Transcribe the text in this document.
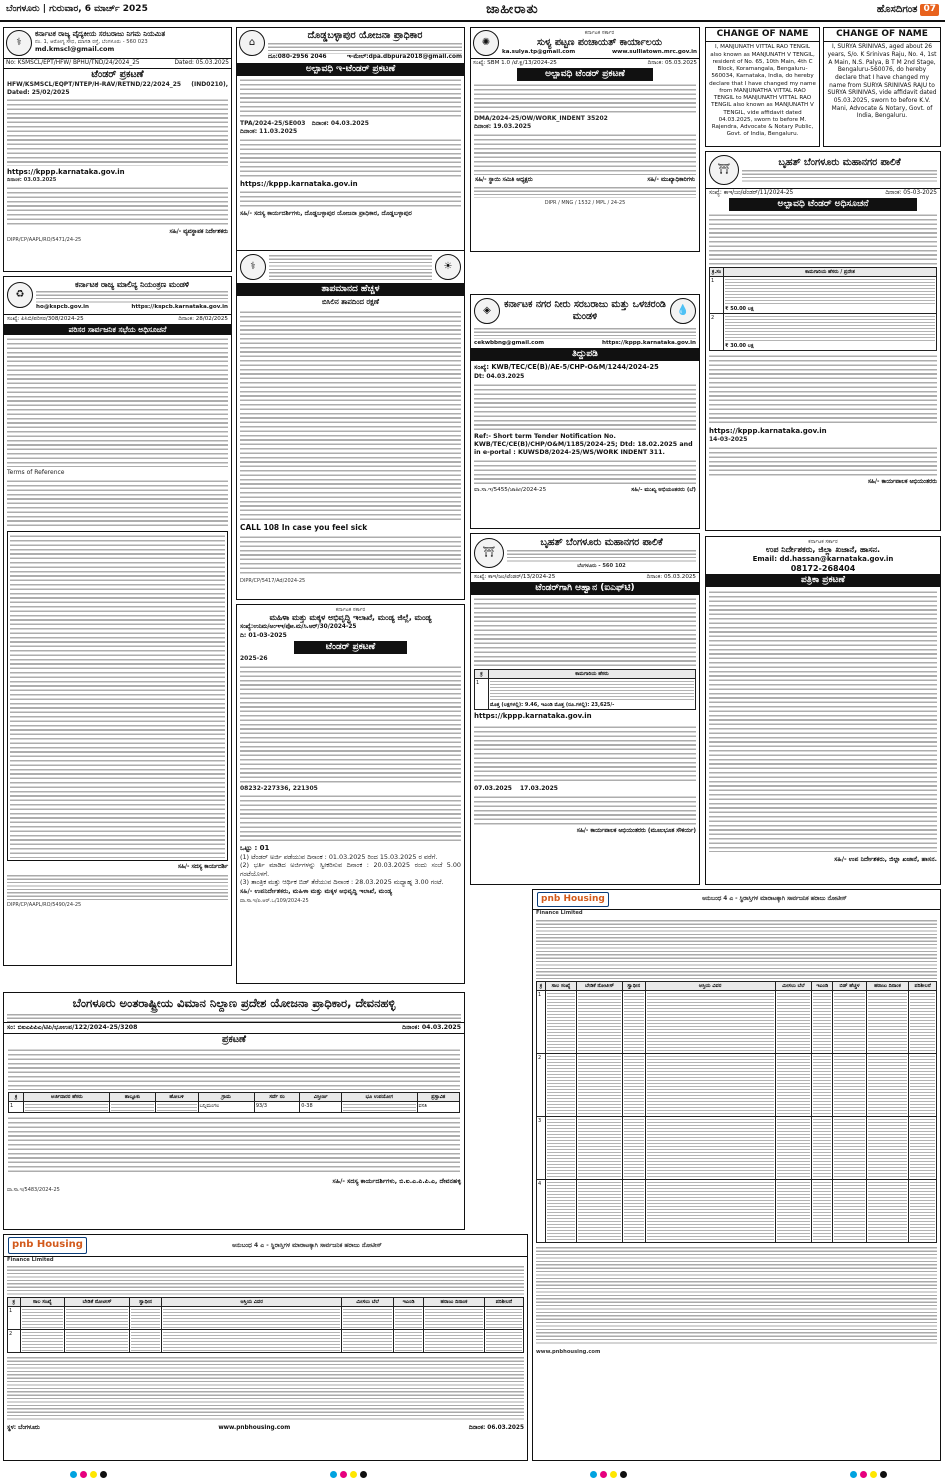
ಬೆಂಗಳೂರು | ಗುರುವಾರ, 6 ಮಾರ್ಚ್ 2025	ಜಾಹೀರಾತು	ಹೊಸದಿಗಂತ 07
⚕
ಕರ್ನಾಟಕ ರಾಜ್ಯ ವೈದ್ಯಕೀಯ ಸರಬರಾಜು ನಿಗಮ ನಿಯಮಿತ
ನಂ. 1, ಆರೋಗ್ಯ ಸೌಧ, ಮಾಗಡಿ ರಸ್ತೆ, ಬೆಂಗಳೂರು - 560 023
md.kmscl@gmail.com
No: KSMSCL/EPT/HFW/ BPHU/TND/24/2024_25	Dated: 05.03.2025
ಟೆಂಡರ್ ಪ್ರಕಟಣೆ
HFW/KSMSCL/EQPT/NTEP/H-RAV/RETND/22/2024_25 (IND0210), Dated: 25/02/2025
https://kppp.karnataka.gov.in
ದಿನಾಂಕ: 03.03.2025
ಸಹಿ/- ವ್ಯವಸ್ಥಾಪಕ ನಿರ್ದೇಶಕರು
DIPR/CP/AAPL/RO/5471/24-25
⌂
ದೊಡ್ಡಬಳ್ಳಾಪುರ ಯೋಜನಾ ಪ್ರಾಧಿಕಾರ
ದೂ:080-2956 2046	ಇ-ಮೇಲ್:dpa.dbpura2018@gmail.com
ಅಲ್ಪಾವಧಿ ಇ-ಟೆಂಡರ್ ಪ್ರಕಟಣೆ
TPA/2024-25/SE003 ದಿನಾಂಕ: 04.03.2025
ದಿನಾಂಕ: 11.03.2025
https://kppp.karnataka.gov.in
ಸಹಿ/- ಸದಸ್ಯ ಕಾರ್ಯದರ್ಶಿಗಳು, ದೊಡ್ಡಬಳ್ಳಾಪುರ ಯೋಜನಾ ಪ್ರಾಧಿಕಾರ, ದೊಡ್ಡಬಳ್ಳಾಪುರ
✺
ಕರ್ನಾಟಕ ಸರ್ಕಾರ
ಸುಳ್ಯ ಪಟ್ಟಣ ಪಂಚಾಯತ್ ಕಾರ್ಯಾಲಯ
ka.sulya.tp@gmail.com	www.sulliatown.mrc.gov.in
ಸಂಖ್ಯೆ: SBM 1.0 /ಟೆ.ಕ್ಲ/13/2024-25	ದಿನಾಂಕ: 05.03.2025
ಅಲ್ಪಾವಧಿ ಟೆಂಡರ್ ಪ್ರಕಟಣೆ
DMA/2024-25/OW/WORK_INDENT 35202
ದಿನಾಂಕ: 19.03.2025
ಸಹಿ/- ಸ್ಥಾಯಿ ಸಮಿತಿ ಅಧ್ಯಕ್ಷರು	ಸಹಿ/- ಮುಖ್ಯಾಧಿಕಾರಿಗಳು
DIPR / MNG / 1532 / MPL / 24-25
CHANGE OF NAME
I, MANJUNATH VITTAL RAO TENGIL also known as MANJUNATH V TENGIL, resident of No. 65, 10th Main, 4th C Block, Koramangala, Bengaluru-560034, Karnataka, India, do hereby declare that I have changed my name from MANJUNATHA VITTAL RAO TENGIL to MANJUNATH VITTAL RAO TENGIL also known as MANJUNATH V TENGIL, vide affidavit dated 04.03.2025, sworn to before M. Rajendra, Advocate & Notary Public, Govt. of India, Bengaluru.
CHANGE OF NAME
I, SURYA SRINIVAS, aged about 26 years, S/o. K Srinivas Raju, No. 4, 1st A Main, N.S. Palya, B T M 2nd Stage, Bengaluru-560076, do hereby declare that I have changed my name from SURYA SRINIVAS RAJU to SURYA SRINIVAS, vide affidavit dated 05.03.2025, sworn to before K.V. Mani, Advocate & Notary, Govt. of India, Bengaluru.
⛩
ಬೃಹತ್ ಬೆಂಗಳೂರು ಮಹಾನಗರ ಪಾಲಿಕೆ
ಸಂಖ್ಯೆ: ಕಾಇ/ಜಂ/ಟೆಂಡರ್/11/2024-25	ದಿನಾಂಕ: 05-03-2025
ಅಲ್ಪಾವಧಿ ಟೆಂಡರ್ ಅಧಿಸೂಚನೆ
ಕ್ರ.ಸಂ	ಕಾಮಗಾರಿಯ ಹೆಸರು / ಪ್ರದೇಶ
1	₹ 50.00 ಲಕ್ಷ

2	₹ 30.00 ಲಕ್ಷ
https://kppp.karnataka.gov.in
14-03-2025
ಸಹಿ/- ಕಾರ್ಯಪಾಲಕ ಅಭಿಯಂತರರು
♻
ಕರ್ನಾಟಕ ರಾಜ್ಯ ಮಾಲಿನ್ಯ ನಿಯಂತ್ರಣ ಮಂಡಳಿ
ho@kspcb.gov.in	https://kspcb.karnataka.gov.in
ಸಂಖ್ಯೆ: ಪಿಸಿಬಿ/ಪರಿಸರ/308/2024-25	ದಿನಾಂಕ: 28/02/2025
ಪರಿಸರ ಸಾರ್ವಜನಿಕ ಸಭೆಯ ಅಧಿಸೂಚನೆ
Terms of Reference
ಸಹಿ/- ಸದಸ್ಯ ಕಾರ್ಯದರ್ಶಿ
DIPR/CP/AAPL/RO/5490/24-25
⚕	☀
ತಾಪಮಾನದ ಹೆಚ್ಚಳ
ಬಿಸಿಲಿನ ತಾಪದಿಂದ ರಕ್ಷಣೆ
CALL 108 In case you feel sick
DIPR/CP/5417/Ad/2024-25
◈
ಕರ್ನಾಟಕ ನಗರ ನೀರು ಸರಬರಾಜು ಮತ್ತು ಒಳಚರಂಡಿ ಮಂಡಳಿ
💧
cekwbbng@gmail.com	https://kppp.karnataka.gov.in
ತಿದ್ದುಪಡಿ
ಸಂಖ್ಯೆ: KWB/TEC/CE(B)/AE-5/CHP-O&M/1244/2024-25
Dt: 04.03.2025
Ref:- Short term Tender Notification No. KWB/TEC/CE(B)/CHP/O&M/1185/2024-25; Dtd: 18.02.2025 and in e-portal : KUWSD8/2024-25/WS/WORK INDENT 311.
ವಾ.ಸಾ.ಇ/5455/ಜಾಹೀ/2024-25	ಸಹಿ/- ಮುಖ್ಯ ಅಭಿಯಂತರರು (ಬೆ)
⛩
ಬೃಹತ್ ಬೆಂಗಳೂರು ಮಹಾನಗರ ಪಾಲಿಕೆ
ಬೆಂಗಳೂರು - 560 102
ಸಂಖ್ಯೆ: ಕಾಇ/ಜಂ/ಟೆಂಡರ್/13/2024-25	ದಿನಾಂಕ: 05.03.2025
ಟೆಂಡರ್‌ಗಾಗಿ ಆಹ್ವಾನ (ಐಎಫ್‌ಟಿ)
ಕ್ರ	ಕಾಮಗಾರಿಯ ಹೆಸರು
1	ಮೊತ್ತ (ಲಕ್ಷಗಳಲ್ಲಿ): 9.46, ಇಎಂಡಿ ಮೊತ್ತ (ರೂ.ಗಳಲ್ಲಿ): 23,625/-
https://kppp.karnataka.gov.in
07.03.2025 17.03.2025
ಸಹಿ/- ಕಾರ್ಯಪಾಲಕ ಅಭಿಯಂತರರು (ಮೂಲಭೂತ ಸೌಕರ್ಯ)
ಕರ್ನಾಟಕ ಸರ್ಕಾರ
ಮಹಿಳಾ ಮತ್ತು ಮಕ್ಕಳ ಅಭಿವೃದ್ಧಿ ಇಲಾಖೆ, ಮಂಡ್ಯ ಜಿಲ್ಲೆ, ಮಂಡ್ಯ
ಸಂಖ್ಯೆ:ಉನಿಮ/ಅಂಇಇ/ಪೋ.ಮ/ಸಿ.ಆರ್/30/2024-25
ದಿ: 01-03-2025
ಟೆಂಡರ್ ಪ್ರಕಟಣೆ
2025-26
08232-227336, 221305
ಒಟ್ಟು : 01
(1) ಟೆಂಡರ್ ಅರ್ಜಿ ಪಡೆಯುವ ದಿನಾಂಕ : 01.03.2025 ರಿಂದ 15.03.2025 ರ ವರೆಗೆ.
(2) ಭರ್ತಿ ಮಾಡಿದ ಅರ್ಜಿಗಳನ್ನು ಸ್ವೀಕರಿಸುವ ದಿನಾಂಕ : 20.03.2025 ರಂದು ಸಂಜೆ 5.00 ಗಂಟೆಯೊಳಗೆ.
(3) ತಾಂತ್ರಿಕ ಮತ್ತು ಆರ್ಥಿಕ ಬಿಡ್ ತೆರೆಯುವ ದಿನಾಂಕ : 28.03.2025 ಮಧ್ಯಾಹ್ನ 3.00 ಗಂಟೆ.
ಸಹಿ/- ಉಪನಿರ್ದೇಶಕರು, ಮಹಿಳಾ ಮತ್ತು ಮಕ್ಕಳ ಅಭಿವೃದ್ಧಿ ಇಲಾಖೆ, ಮಂಡ್ಯ
ವಾ.ಸಾ.ಇ/ಪಿ.ಆರ್.ಒ/109/2024-25
ಕರ್ನಾಟಕ ಸರ್ಕಾರ
ಉಪ ನಿರ್ದೇಶಕರು, ಜಿಲ್ಲಾ ಖಜಾನೆ, ಹಾಸನ.
Email: dd.hassan@karnataka.gov.in
08172-268404
ಪತ್ರಿಕಾ ಪ್ರಕಟಣೆ
ಸಹಿ/- ಉಪ ನಿರ್ದೇಶಕರು, ಜಿಲ್ಲಾ ಖಜಾನೆ, ಹಾಸನ.
ಬೆಂಗಳೂರು ಅಂತರಾಷ್ಟ್ರೀಯ ವಿಮಾನ ನಿಲ್ದಾಣ ಪ್ರದೇಶ ಯೋಜನಾ ಪ್ರಾಧಿಕಾರ, ದೇವನಹಳ್ಳಿ
ಸಂ: ಬಿಐಎಪಿಪಿಎ/ಟಿಪಿ/ಭೂಉಪ/122/2024-25/3208	ದಿನಾಂಕ: 04.03.2025
ಪ್ರಕಟಣೆ
ಕ್ರ	ಅರ್ಜಿದಾರರ ಹೆಸರು	ತಾಲ್ಲೂಕು	ಹೋಬಳಿ	ಗ್ರಾಮ	ಸರ್ವೆ ನಂ	ವಿಸ್ತೀರ್ಣ	ಭೂ ಉಪಯೋಗ	ಪ್ರಸ್ತಾವಿತ
1				ಬನ್ನಿಮಂಗಲ	93/3	0-38		ವಸತಿ
ಸಹಿ/- ಸದಸ್ಯ ಕಾರ್ಯದರ್ಶಿಗಳು, ಬಿ.ಐ.ಎ.ಪಿ.ಪಿ.ಎ, ದೇವನಹಳ್ಳಿ
ವಾ.ಸಾ.ಇ/5483/2024-25
pnb Housing	ಅನುಬಂಧ 4 ಎ - ಸ್ಥಿರಾಸ್ತಿಗಳ ಮಾರಾಟಕ್ಕಾಗಿ ಸಾರ್ವಜನಿಕ ಹರಾಜು ನೋಟೀಸ್
Finance Limited
ಕ್ರ	ಸಾಲ ಸಂಖ್ಯೆ	ಬೇಡಿಕೆ ನೋಟೀಸ್	ಸ್ವಾಧೀನ	ಆಸ್ತಿಯ ವಿವರ	ಮೀಸಲು ಬೆಲೆ	ಇಎಂಡಿ	ಬಿಡ್ ಹೆಚ್ಚಳ	ಹರಾಜು ದಿನಾಂಕ	ಪರಿಶೀಲನೆ
1	

2	

3	

4	

www.pnbhousing.com
pnb Housing	ಅನುಬಂಧ 4 ಎ - ಸ್ಥಿರಾಸ್ತಿಗಳ ಮಾರಾಟಕ್ಕಾಗಿ ಸಾರ್ವಜನಿಕ ಹರಾಜು ನೋಟೀಸ್
Finance Limited
ಕ್ರ	ಸಾಲ ಸಂಖ್ಯೆ	ಬೇಡಿಕೆ ನೋಟೀಸ್	ಸ್ವಾಧೀನ	ಆಸ್ತಿಯ ವಿವರ	ಮೀಸಲು ಬೆಲೆ	ಇಎಂಡಿ	ಹರಾಜು ದಿನಾಂಕ	ಪರಿಶೀಲನೆ
1	

2	

ಸ್ಥಳ: ಬೆಂಗಳೂರು	www.pnbhousing.com	ದಿನಾಂಕ: 06.03.2025
